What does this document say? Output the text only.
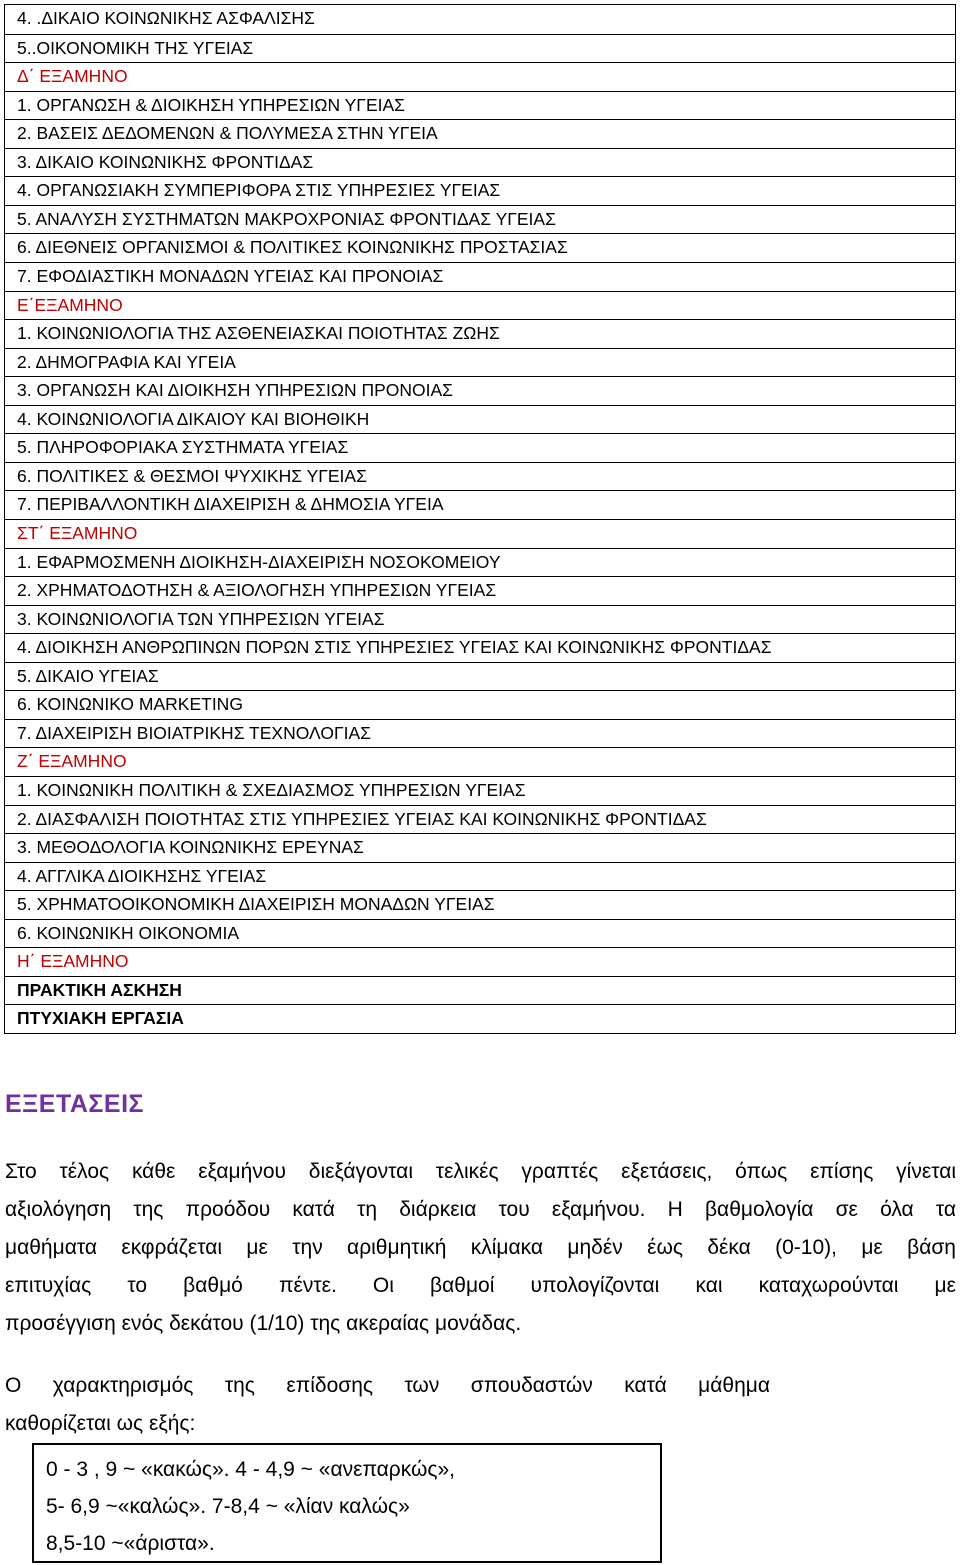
4. .ΔΙΚΑΙΟ ΚΟΙΝΩΝΙΚΗΣ ΑΣΦΑΛΙΣΗΣ
5..ΟΙΚΟΝΟΜΙΚΗ ΤΗΣ ΥΓΕΙΑΣ
Δ΄ ΕΞΑΜΗΝΟ
1. ΟΡΓΑΝΩΣΗ & ΔΙΟΙΚΗΣΗ ΥΠΗΡΕΣΙΩΝ ΥΓΕΙΑΣ
2. ΒΑΣΕΙΣ ΔΕΔΟΜΕΝΩΝ & ΠΟΛΥΜΕΣΑ ΣΤΗΝ ΥΓΕΙΑ
3. ΔΙΚΑΙΟ ΚΟΙΝΩΝΙΚΗΣ ΦΡΟΝΤΙΔΑΣ
4. ΟΡΓΑΝΩΣΙΑΚΗ ΣΥΜΠΕΡΙΦΟΡΑ ΣΤΙΣ ΥΠΗΡΕΣΙΕΣ ΥΓΕΙΑΣ
5. ΑΝΑΛΥΣΗ ΣΥΣΤΗΜΑΤΩΝ ΜΑΚΡΟΧΡΟΝΙΑΣ ΦΡΟΝΤΙΔΑΣ ΥΓΕΙΑΣ
6. ΔΙΕΘΝΕΙΣ ΟΡΓΑΝΙΣΜΟΙ & ΠΟΛΙΤΙΚΕΣ ΚΟΙΝΩΝΙΚΗΣ ΠΡΟΣΤΑΣΙΑΣ
7. ΕΦΟΔΙΑΣΤΙΚΗ ΜΟΝΑΔΩΝ ΥΓΕΙΑΣ ΚΑΙ ΠΡΟΝΟΙΑΣ
Ε΄ΕΞΑΜΗΝΟ
1. ΚΟΙΝΩΝΙΟΛΟΓΙΑ ΤΗΣ ΑΣΘΕΝΕΙΑΣΚΑΙ ΠΟΙΟΤΗΤΑΣ ΖΩΗΣ
2. ΔΗΜΟΓΡΑΦΙΑ ΚΑΙ ΥΓΕΙΑ
3. ΟΡΓΑΝΩΣΗ ΚΑΙ ΔΙΟΙΚΗΣΗ ΥΠΗΡΕΣΙΩΝ ΠΡΟΝΟΙΑΣ
4. ΚΟΙΝΩΝΙΟΛΟΓΙΑ ΔΙΚΑΙΟΥ ΚΑΙ ΒΙΟΗΘΙΚΗ
5. ΠΛΗΡΟΦΟΡΙΑΚΑ ΣΥΣΤΗΜΑΤΑ ΥΓΕΙΑΣ
6. ΠΟΛΙΤΙΚΕΣ & ΘΕΣΜΟΙ ΨΥΧΙΚΗΣ ΥΓΕΙΑΣ
7. ΠΕΡΙΒΑΛΛΟΝΤΙΚΗ ΔΙΑΧΕΙΡΙΣΗ & ΔΗΜΟΣΙΑ ΥΓΕΙΑ
ΣΤ΄ ΕΞΑΜΗΝΟ
1. ΕΦΑΡΜΟΣΜΕΝΗ ΔΙΟΙΚΗΣΗ-ΔΙΑΧΕΙΡΙΣΗ ΝΟΣΟΚΟΜΕΙΟΥ
2. ΧΡΗΜΑΤΟΔΟΤΗΣΗ & ΑΞΙΟΛΟΓΗΣΗ ΥΠΗΡΕΣΙΩΝ ΥΓΕΙΑΣ
3. ΚΟΙΝΩΝΙΟΛΟΓΙΑ ΤΩΝ ΥΠΗΡΕΣΙΩΝ ΥΓΕΙΑΣ
4. ΔΙΟΙΚΗΣΗ ΑΝΘΡΩΠΙΝΩΝ ΠΟΡΩΝ ΣΤΙΣ ΥΠΗΡΕΣΙΕΣ ΥΓΕΙΑΣ ΚΑΙ ΚΟΙΝΩΝΙΚΗΣ ΦΡΟΝΤΙΔΑΣ
5. ΔΙΚΑΙΟ ΥΓΕΙΑΣ
6. ΚΟΙΝΩΝΙΚΟ MARKETING
7. ΔΙΑΧΕΙΡΙΣΗ ΒΙΟΙΑΤΡΙΚΗΣ ΤΕΧΝΟΛΟΓΙΑΣ
Ζ΄ ΕΞΑΜΗΝΟ
1. ΚΟΙΝΩΝΙΚΗ ΠΟΛΙΤΙΚΗ & ΣΧΕΔΙΑΣΜΟΣ ΥΠΗΡΕΣΙΩΝ ΥΓΕΙΑΣ
2. ΔΙΑΣΦΑΛΙΣΗ ΠΟΙΟΤΗΤΑΣ ΣΤΙΣ ΥΠΗΡΕΣΙΕΣ ΥΓΕΙΑΣ ΚΑΙ ΚΟΙΝΩΝΙΚΗΣ ΦΡΟΝΤΙΔΑΣ
3. ΜΕΘΟΔΟΛΟΓΙΑ ΚΟΙΝΩΝΙΚΗΣ ΕΡΕΥΝΑΣ
4. ΑΓΓΛΙΚΑ ΔΙΟΙΚΗΣΗΣ ΥΓΕΙΑΣ
5. ΧΡΗΜΑΤΟΟΙΚΟΝΟΜΙΚΗ ΔΙΑΧΕΙΡΙΣΗ ΜΟΝΑΔΩΝ ΥΓΕΙΑΣ
6. ΚΟΙΝΩΝΙΚΗ ΟΙΚΟΝΟΜΙΑ
Η΄ ΕΞΑΜΗΝΟ
ΠΡΑΚΤΙΚΗ ΑΣΚΗΣΗ
ΠΤΥΧΙΑΚΗ ΕΡΓΑΣΙΑ
ΕΞΕΤΑΣΕΙΣ
Στο τέλος κάθε εξαμήνου διεξάγονται τελικές γραπτές εξετάσεις, όπως επίσης γίνεται
αξιολόγηση της προόδου κατά τη διάρκεια του εξαμήνου. Η βαθμολογία σε όλα τα
μαθήματα εκφράζεται με την αριθμητική κλίμακα μηδέν έως δέκα (0-10), με βάση
επιτυχίας το βαθμό πέντε. Οι βαθμοί υπολογίζονται και καταχωρούνται με
προσέγγιση ενός δεκάτου (1/10) της ακεραίας μονάδας.
Ο χαρακτηρισμός της επίδοσης των σπουδαστών κατά μάθημα
καθορίζεται ως εξής:
0 - 3 , 9 ~ «κακώς». 4 - 4,9 ~ «ανεπαρκώς»,
5- 6,9 ~«καλώς». 7-8,4 ~ «λίαν καλώς»
8,5-10 ~«άριστα».
